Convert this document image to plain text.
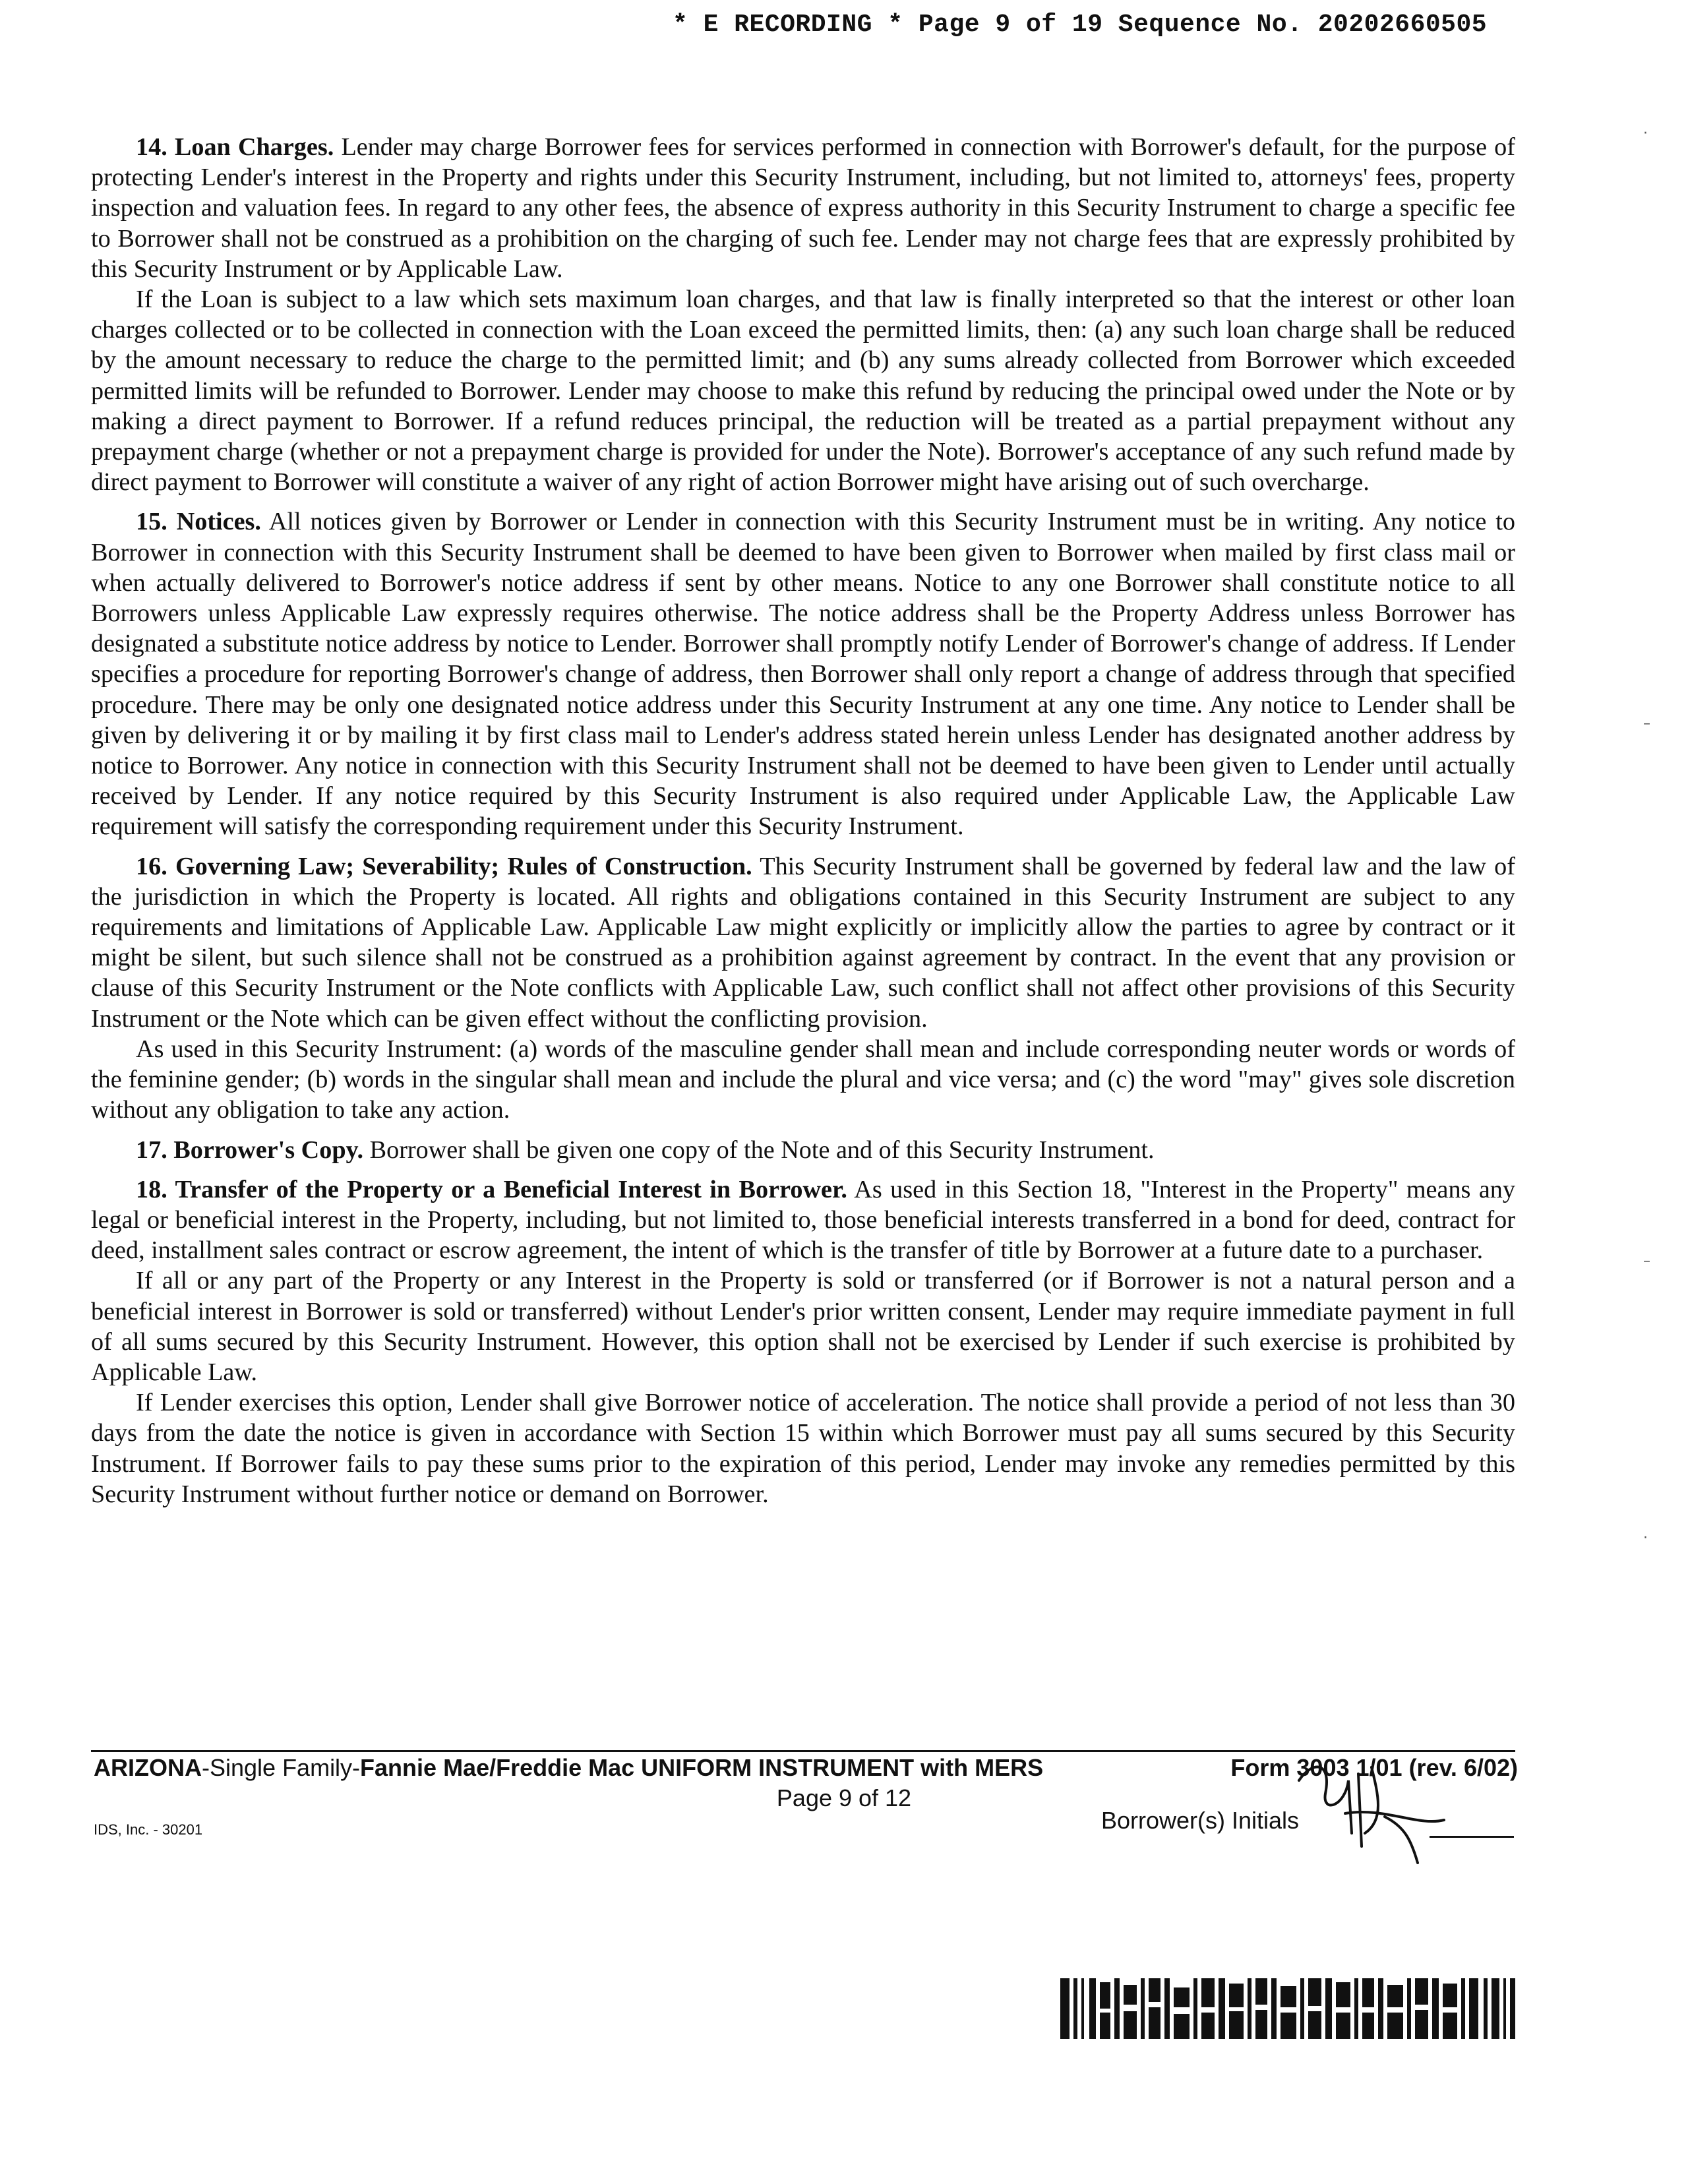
* E RECORDING * Page 9 of 19 Sequence No. 20202660505

14. Loan Charges. Lender may charge Borrower fees for services performed in connection with Borrower's default, for the purpose of protecting Lender's interest in the Property and rights under this Security Instrument, including, but not limited to, attorneys' fees, property inspection and valuation fees. In regard to any other fees, the absence of express authority in this Security Instrument to charge a specific fee to Borrower shall not be construed as a prohibition on the charging of such fee. Lender may not charge fees that are expressly prohibited by this Security Instrument or by Applicable Law.

If the Loan is subject to a law which sets maximum loan charges, and that law is finally interpreted so that the interest or other loan charges collected or to be collected in connection with the Loan exceed the permitted limits, then: (a) any such loan charge shall be reduced by the amount necessary to reduce the charge to the permitted limit; and (b) any sums already collected from Borrower which exceeded permitted limits will be refunded to Borrower. Lender may choose to make this refund by reducing the principal owed under the Note or by making a direct payment to Borrower. If a refund reduces principal, the reduction will be treated as a partial prepayment without any prepayment charge (whether or not a prepayment charge is provided for under the Note). Borrower's acceptance of any such refund made by direct payment to Borrower will constitute a waiver of any right of action Borrower might have arising out of such overcharge.

15. Notices. All notices given by Borrower or Lender in connection with this Security Instrument must be in writing. Any notice to Borrower in connection with this Security Instrument shall be deemed to have been given to Borrower when mailed by first class mail or when actually delivered to Borrower's notice address if sent by other means. Notice to any one Borrower shall constitute notice to all Borrowers unless Applicable Law expressly requires otherwise. The notice address shall be the Property Address unless Borrower has designated a substitute notice address by notice to Lender. Borrower shall promptly notify Lender of Borrower's change of address. If Lender specifies a procedure for reporting Borrower's change of address, then Borrower shall only report a change of address through that specified procedure. There may be only one designated notice address under this Security Instrument at any one time. Any notice to Lender shall be given by delivering it or by mailing it by first class mail to Lender's address stated herein unless Lender has designated another address by notice to Borrower. Any notice in connection with this Security Instrument shall not be deemed to have been given to Lender until actually received by Lender. If any notice required by this Security Instrument is also required under Applicable Law, the Applicable Law requirement will satisfy the corresponding requirement under this Security Instrument.

16. Governing Law; Severability; Rules of Construction. This Security Instrument shall be governed by federal law and the law of the jurisdiction in which the Property is located. All rights and obligations contained in this Security Instrument are subject to any requirements and limitations of Applicable Law. Applicable Law might explicitly or implicitly allow the parties to agree by contract or it might be silent, but such silence shall not be construed as a prohibition against agreement by contract. In the event that any provision or clause of this Security Instrument or the Note conflicts with Applicable Law, such conflict shall not affect other provisions of this Security Instrument or the Note which can be given effect without the conflicting provision.

As used in this Security Instrument: (a) words of the masculine gender shall mean and include corresponding neuter words or words of the feminine gender; (b) words in the singular shall mean and include the plural and vice versa; and (c) the word "may" gives sole discretion without any obligation to take any action.

17. Borrower's Copy. Borrower shall be given one copy of the Note and of this Security Instrument.

18. Transfer of the Property or a Beneficial Interest in Borrower. As used in this Section 18, "Interest in the Property" means any legal or beneficial interest in the Property, including, but not limited to, those beneficial interests transferred in a bond for deed, contract for deed, installment sales contract or escrow agreement, the intent of which is the transfer of title by Borrower at a future date to a purchaser.

If all or any part of the Property or any Interest in the Property is sold or transferred (or if Borrower is not a natural person and a beneficial interest in Borrower is sold or transferred) without Lender's prior written consent, Lender may require immediate payment in full of all sums secured by this Security Instrument. However, this option shall not be exercised by Lender if such exercise is prohibited by Applicable Law.

If Lender exercises this option, Lender shall give Borrower notice of acceleration. The notice shall provide a period of not less than 30 days from the date the notice is given in accordance with Section 15 within which Borrower must pay all sums secured by this Security Instrument. If Borrower fails to pay these sums prior to the expiration of this period, Lender may invoke any remedies permitted by this Security Instrument without further notice or demand on Borrower.

ARIZONA-Single Family-Fannie Mae/Freddie Mac UNIFORM INSTRUMENT with MERS	Form 3003 1/01 (rev. 6/02)
Page 9 of 12
IDS, Inc. - 30201	Borrower(s) Initials
·
–
–
·
